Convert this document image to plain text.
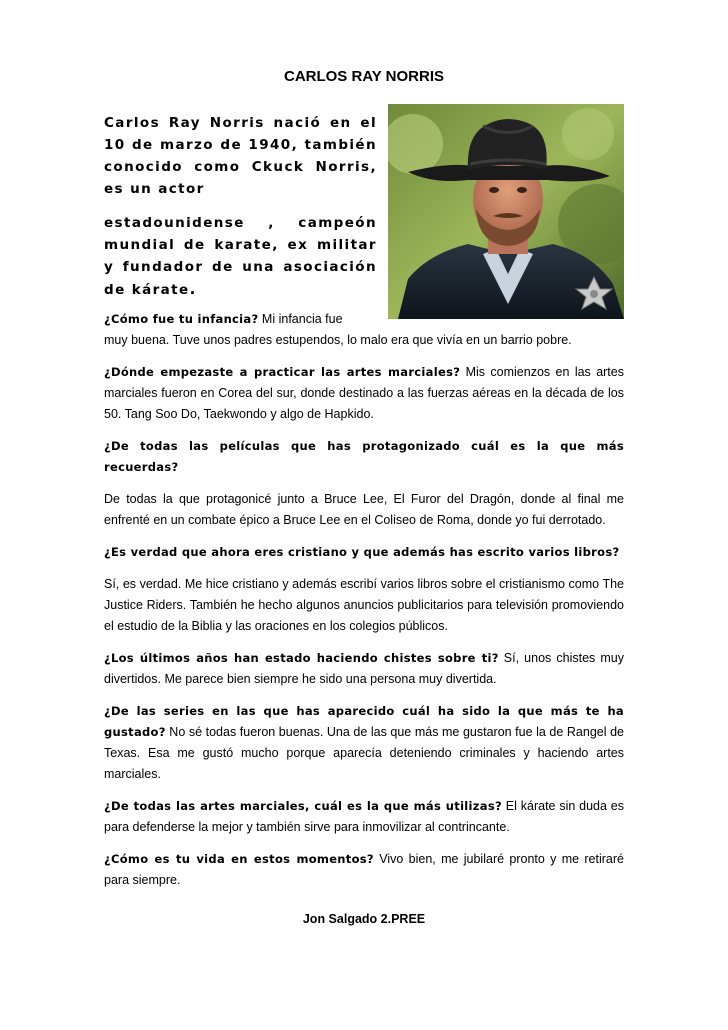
CARLOS RAY NORRIS

Carlos Ray Norris nació en el 10 de marzo de 1940, también conocido como Ckuck Norris, es un actor

estadounidense , campeón mundial de karate, ex militar y fundador de una asociación de kárate.

¿Cómo fue tu infancia? Mi infancia fue
muy buena. Tuve unos padres estupendos, lo malo era que vivía en un barrio pobre.

¿Dónde empezaste a practicar las artes marciales? Mis comienzos en las artes marciales fueron en Corea del sur, donde destinado a las fuerzas aéreas en la década de los 50. Tang Soo Do, Taekwondo y algo de Hapkido.

¿De todas las películas que has protagonizado cuál es la que más recuerdas?

De todas la que protagonicé junto a Bruce Lee, El Furor del Dragón, donde al final me enfrenté en un combate épico a Bruce Lee en el Coliseo de Roma, donde yo fui derrotado.

¿Es verdad que ahora eres cristiano y que además has escrito varios libros?

Sí, es verdad. Me hice cristiano y además escribí varios libros sobre el cristianismo como The Justice Riders. También he hecho algunos anuncios publicitarios para televisión promoviendo el estudio de la Biblia y las oraciones en los colegios públicos.

¿Los últimos años han estado haciendo chistes sobre ti? Sí, unos chistes muy divertidos. Me parece bien siempre he sido una persona muy divertida.

¿De las series en las que has aparecido cuál ha sido la que más te ha gustado? No sé todas fueron buenas. Una de las que más me gustaron fue la de Rangel de Texas. Esa me gustó mucho porque aparecía deteniendo criminales y haciendo artes marciales.

¿De todas las artes marciales, cuál es la que más utilizas? El kárate sin duda es para defenderse la mejor y también sirve para inmovilizar al contrincante.

¿Cómo es tu vida en estos momentos? Vivo bien, me jubilaré pronto y me retiraré para siempre.

Jon Salgado 2.PREE
